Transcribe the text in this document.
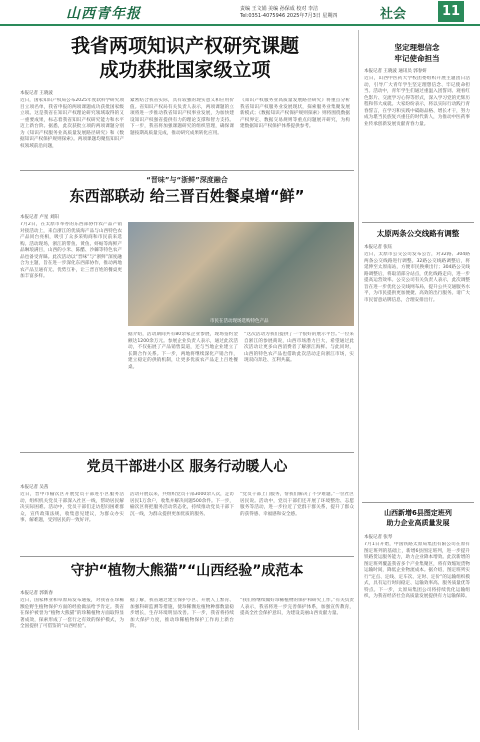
山西青年报	责编 王文娟 美编 孙保成 校对 李洁
Tel:0351-4075946 2025年7月3日 星期四	社会	11
我省两项知识产权研究课题
成功获批国家级立项
本报记者 王晓波
近日，国家知识产权局公布2025年度软科学研究项目立项名单，我省申报的两项课题成功获批国家级立项。这是我省在知识产权理论研究领域取得的又一重要成果，标志着我省知识产权研究能力和水平迈上新台阶。据悉，此次获批立项的两项课题分别为《知识产权服务业高质量发展路径研究》和《数据知识产权保护规则探索》。两项课题均聚焦知识产权领域前沿问题，
紧密结合我省实际，具有较强的现实意义和应用价值。省知识产权局有关负责人表示，两项课题的立项将进一步推动我省知识产权事业发展，为加快建设知识产权强省提供有力的理论支撑和智力支持。下一步，我省将加强课题研究的组织管理，确保课题按期高质量完成，推动研究成果转化应用。
《知识产权服务业高质量发展路径研究》将重点分析我省知识产权服务业发展现状，探索服务业集聚发展新模式；《数据知识产权保护规则探索》则将围绕数据产权界定、数据交易规则等重点问题展开研究，为构建数据知识产权保护体系提供参考。
坚定理想信念
牢记使命担当
本报记者 王晓波 通讯员 郭春妍
近日，山西中医药大学校团委组织开展主题团日活动，引导广大青年学生坚定理想信念、牢记使命担当。活动中，青年学生们通过重温入团誓词、观看红色影片、交流学习心得等形式，深入学习党的光辉历程和伟大成就。大家纷纷表示，将以实际行动践行青春誓言，在学习和实践中砥砺品格、增长才干，努力成为堪当民族复兴重任的时代新人，为推动中医药事业传承创新发展贡献青春力量。
“晋味”与“浙鲜”深度融合
东西部联动 给三晋百姓餐桌增“鲜”
本报记者 卢星 刘阳
7月2日，在太原市举办的东西部协作农产品产销对接活动上，来自浙江的优质海产品与山西特色农产品同台亮相，吸引了众多采购商和市民前来选购。活动现场，浙江的带鱼、黄鱼、虾蛄等海鲜产品琳琅满目，山西的小米、陈醋、沙棘等特色农产品也备受青睐。此次活动以“晋味”与“浙鲜”深度融合为主题，旨在进一步深化东西部协作，推动两地农产品互通有无、优势互补，让三晋百姓的餐桌更加丰富多样。
市民在活动现场选购特色产品
据介绍，活动期间共有80余家企业参展，现场签约金额达1200余万元。参展企业负责人表示，通过此次活动，不仅拓展了产品销售渠道，还与当地企业建立了长期合作关系。下一步，两地将继续深化产销合作，建立稳定的供销机制，让更多优质农产品走上百姓餐桌。
“这次活动为我们提供了一个很好的展示平台。”一位来自浙江的参展商说，山西市场潜力巨大，希望通过此次活动让更多山西消费者了解浙江海鲜。与此同时，山西的特色农产品也借助此次活动走向浙江市场，实现双向奔赴、互利共赢。
太原两条公交线路有调整
本报记者 张钰
近日，太原市公交公司发布公告，对32路、304路两条公交线路进行调整。32路公交线路调整后，将延伸至太原南站，方便市民换乘出行；304路公交线路调整后，将取消部分站点，优化线路走向，进一步提高运营效率。公交公司有关负责人表示，此次调整旨在进一步优化公交线网布局，提升公共交通服务水平，为市民提供更加便捷、高效的出行服务。请广大市民留意站牌信息，合理安排出行。
山西新增6县图定班列
助力企业高质量发展
本报记者 张琴
7月1日开始，中国铁路太原局集团有限公司在原有图定班列的基础上，新增6县图定班列，进一步提升铁路货运服务能力，助力企业降本增效。此次新增的图定班列覆盖我省多个产业集聚区，将有效缩短货物运输时间，降低企业物流成本。据介绍，图定班列实行“定点、定线、定车次、定时、定价”的运输组织模式，具有运行时间稳定、运输效率高、服务质量优等特点。下一步，太原局集团公司将持续优化运输组织，为我省经济社会高质量发展提供有力运输保障。
党员干部进小区 服务行动暖人心
本报记者 吴茜
近日，晋中市榆次区开展党员干部进小区服务活动，组织机关党员干部深入社区一线，帮助居民解决实际困难。活动中，党员干部们走访慰问困难群众，宣传政策法规，收集意见建议，为群众办实事、解难题，受到居民的一致好评。
活动开展以来，共组织党员干部3000余人次，走访居民1万余户，收集并解决问题500余件。下一步，榆次区将把服务活动常态化，持续推动党员干部下沉一线，为群众提供更加优质的服务。
“党员干部上门服务，帮我们解决了不少难题。”一位社区居民说。活动中，党员干部们还开展了环境整治、志愿服务等活动，进一步拉近了党群干群关系，提升了群众的获得感、幸福感和安全感。
守护“植物大熊猫”“山西经验”成范本
本报记者 郭新春
近日，国家林业和草原局发布通报，对我省在珍稀濒危野生植物保护方面的经验做法给予肯定。我省在保护被誉为“植物大熊猫”的珍稀植物方面取得显著成效，探索形成了一套行之有效的保护模式，为全国提供了可借鉴的“山西经验”。
据了解，我省通过建立保护小区、开展人工繁育、加强科研监测等措施，使珍稀濒危植物种群数量稳步增长，生存环境明显改善。下一步，我省将持续加大保护力度，推动珍稀植物保护工作再上新台阶。
“我们将继续做好珍稀植物的保护和研究工作。”有关负责人表示，我省将进一步完善保护体系，加强宣传教育，提高全社会保护意识，为建设美丽山西贡献力量。
